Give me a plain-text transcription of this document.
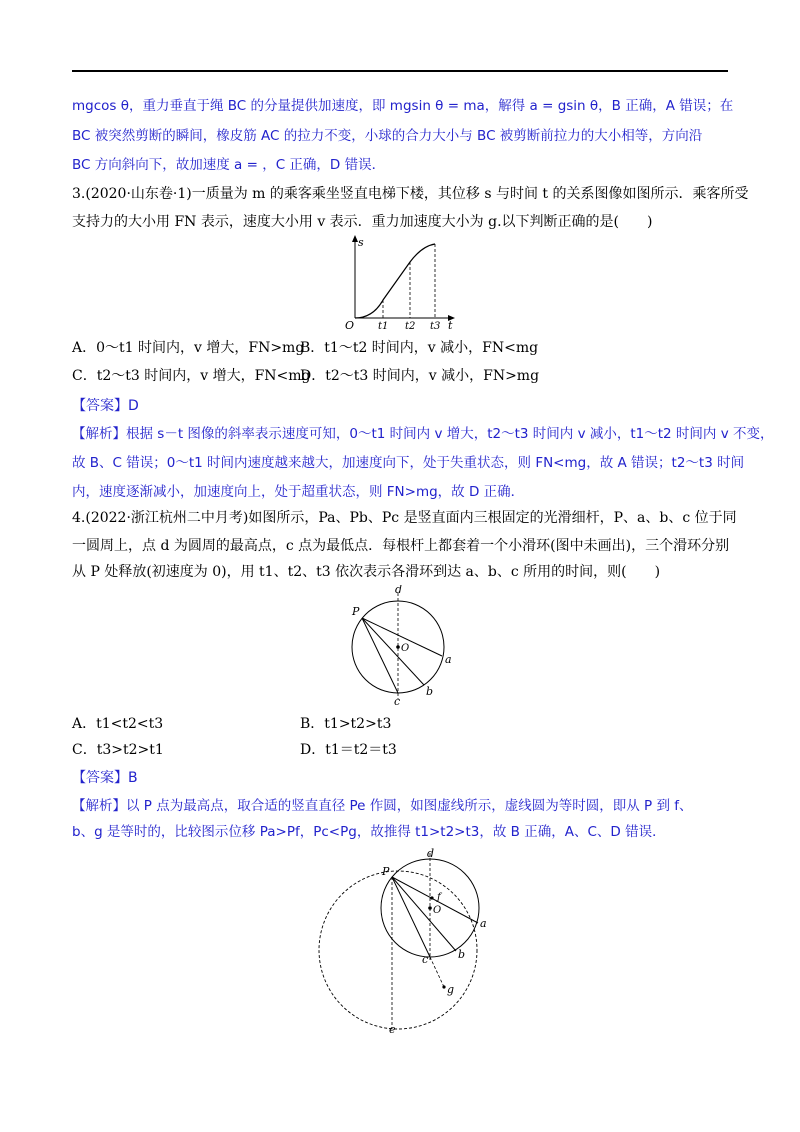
mgcos θ，重力垂直于绳 BC 的分量提供加速度，即 mgsin θ = ma，解得 a = gsin θ，B 正确，A 错误；在
BC 被突然剪断的瞬间，橡皮筋 AC 的拉力不变，小球的合力大小与 BC 被剪断前拉力的大小相等，方向沿
BC 方向斜向下，故加速度 a = ，C 正确，D 错误．
3.(2020·山东卷·1)一质量为 m 的乘客乘坐竖直电梯下楼，其位移 s 与时间 t 的关系图像如图所示．乘客所受
支持力的大小用 FN 表示，速度大小用 v 表示．重力加速度大小为 g.以下判断正确的是(　　)
s
t
O t1 t2 t3
A．0～t1 时间内，v 增大，FN>mg
B．t1～t2 时间内，v 减小，FN<mg
C．t2～t3 时间内，v 增大，FN<mg
D．t2～t3 时间内，v 减小，FN>mg
【答案】D
【解析】根据 s－t 图像的斜率表示速度可知，0～t1 时间内 v 增大，t2～t3 时间内 v 减小，t1～t2 时间内 v 不变，
故 B、C 错误；0～t1 时间内速度越来越大，加速度向下，处于失重状态，则 FN<mg，故 A 错误；t2～t3 时间
内，速度逐渐减小，加速度向上，处于超重状态，则 FN>mg，故 D 正确．
4.(2022·浙江杭州二中月考)如图所示，Pa、Pb、Pc 是竖直面内三根固定的光滑细杆，P、a、b、c 位于同
一圆周上，点 d 为圆周的最高点，c 点为最低点．每根杆上都套着一个小滑环(图中未画出)，三个滑环分别
从 P 处释放(初速度为 0)，用 t1、t2、t3 依次表示各滑环到达 a、b、c 所用的时间，则(　　)
P
d
O
a
b
c
A．t1<t2<t3	B．t1>t2>t3
C．t3>t2>t1	D．t1＝t2＝t3
【答案】B
【解析】以 P 点为最高点，取合适的竖直直径 Pe 作圆，如图虚线所示，虚线圆为等时圆，即从 P 到 f、
b、g 是等时的，比较图示位移 Pa>Pf，Pc<Pg，故推得 t1>t2>t3，故 B 正确，A、C、D 错误．
P
d
f
O
a
b
c
g
e
